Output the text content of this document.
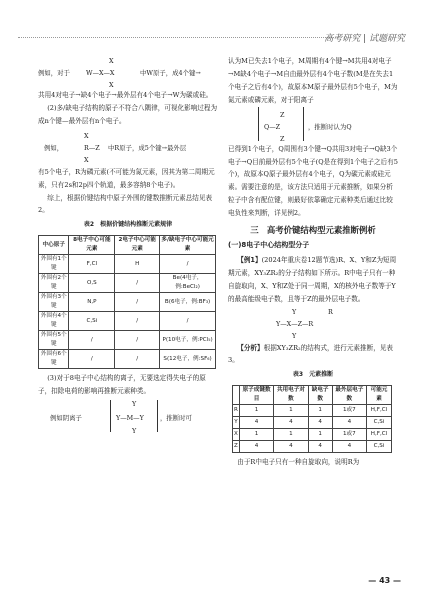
高考研究 | 试题研究
X
例如，对于	W—X—X	中W原子，成4个键→
X

共用4对电子→缺4个电子→最外层有4个电子→W为碳或硅。

(2)多/缺电子结构的原子不符合八隅律，可视化影响过程为成n个键—最外层有n个电子。

X
例如，	R—Z 中R原子，成5个键→最外层
X

有5个电子，R为磷元素(不可能为氮元素，因其为第二周期元素，只有2s和2p四个轨道，最多容纳8个电子)。

综上，根据价键结构中原子外围的键数推断元素总结见表2。

表2　根据价键结构推断元素规律
中心原子	8电子中心可能元素	2电子中心可能元素	多/缺电子中心可能元素
外围有1个键	F,Cl	H	/
外围有2个键	O,S	/	Be(4电子，例:BeCl₂)
外围有3个键	N,P	/	B(6电子，例:BF₃)
外围有4个键	C,Si	/	/
外围有5个键	/	/	P(10电子，例:PCl₅)
外围有6个键	/	/	S(12电子，例:SF₆)

(3)对于8电子中心结构的离子，无要选定得失电子的原子，扣除电荷的影响再推断元素种类。

Y
例如阴离子	Y—M—Y	，推断时可
Y

认为M已失去1个电子，M周期有4个键→M共用4对电子→M缺4个电子→M自由最外层有4个电子数(M是在失去1个电子之后有4个)，故原本M原子最外层有5个电子，M为氮元素或磷元素，对于阳离子

Z
Q—Z	，推断时认为Q
Z

已得到1个电子，Q周围有3个键→Q共用3对电子→Q缺3个电子→Q目前最外层有5个电子(Q是在得到1个电子之后有5个)，故原本Q原子最外层有4个电子，Q为碳元素或硅元素。需要注意的是，该方法只适用于元素推断，如果分析粒子中含有配位键，则最好依靠确定元素种类后通过比较电负性来判断，详见例2。

三　高考价键结构型元素推断例析
(一)8电子中心结构型分子

【例1】(2024年重庆卷12题节选)R、X、Y和Z为短周期元素，XY₃ZR₂的分子结构如下所示。R中电子只有一种自旋取向，X、Y和Z处于同一周期，X的核外电子数等于Y的最高能级电子数，且等于Z的最外层电子数。

Y	R
Y—X—Z—R
Y

【分析】根据XY₃ZR₂的结构式，进行元素推断，见表3。

表3　元素推断
	原子成键数目	共用电子对数	缺电子数	最外层电子数	可能元素
R	1	1	1	1或7	H,F,Cl
Y	4	4	4	4	C,Si
X	1	1	1	1或7	H,F,Cl
Z	4	4	4	4	C,Si

由于R中电子只有一种自旋取向，说明R为

— 43 —
